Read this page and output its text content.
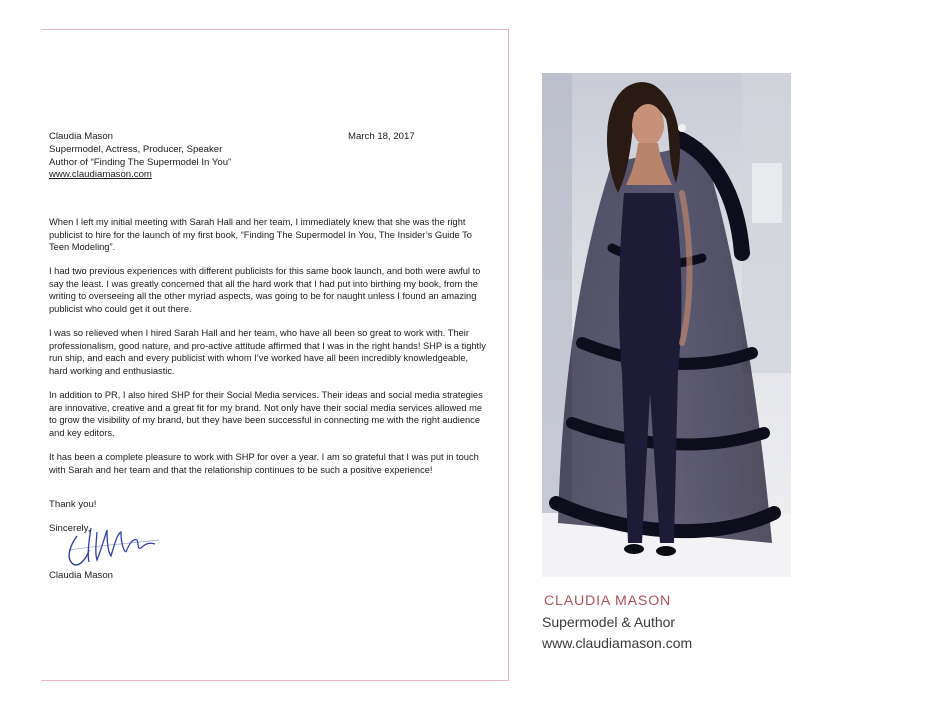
Claudia Mason
Supermodel, Actress, Producer, Speaker
Author of “Finding The Supermodel In You”
www.claudiamason.com
March 18, 2017

When I left my initial meeting with Sarah Hall and her team, I immediately knew that she was the right publicist to hire for the launch of my first book, “Finding The Supermodel In You, The Insider’s Guide To Teen Modeling”.

I had two previous experiences with different publicists for this same book launch, and both were awful to say the least. I was greatly concerned that all the hard work that I had put into birthing my book, from the writing to overseeing all the other myriad aspects, was going to be for naught unless I found an amazing publicist who could get it out there.

I was so relieved when I hired Sarah Hall and her team, who have all been so great to work with. Their professionalism, good nature, and pro-active attitude affirmed that I was in the right hands! SHP is a tightly run ship, and each and every publicist with whom I’ve worked have all been incredibly knowledgeable, hard working and enthusiastic.

In addition to PR, I also hired SHP for their Social Media services. Their ideas and social media strategies are innovative, creative and a great fit for my brand. Not only have their social media services allowed me to grow the visibility of my brand, but they have been successful in connecting me with the right audience and key editors.

It has been a complete pleasure to work with SHP for over a year. I am so grateful that I was put in touch with Sarah and her team and that the relationship continues to be such a positive experience!

Thank you!
Sincerely,
Claudia Mason
CLAUDIA MASON
Supermodel & Author
www.claudiamason.com
